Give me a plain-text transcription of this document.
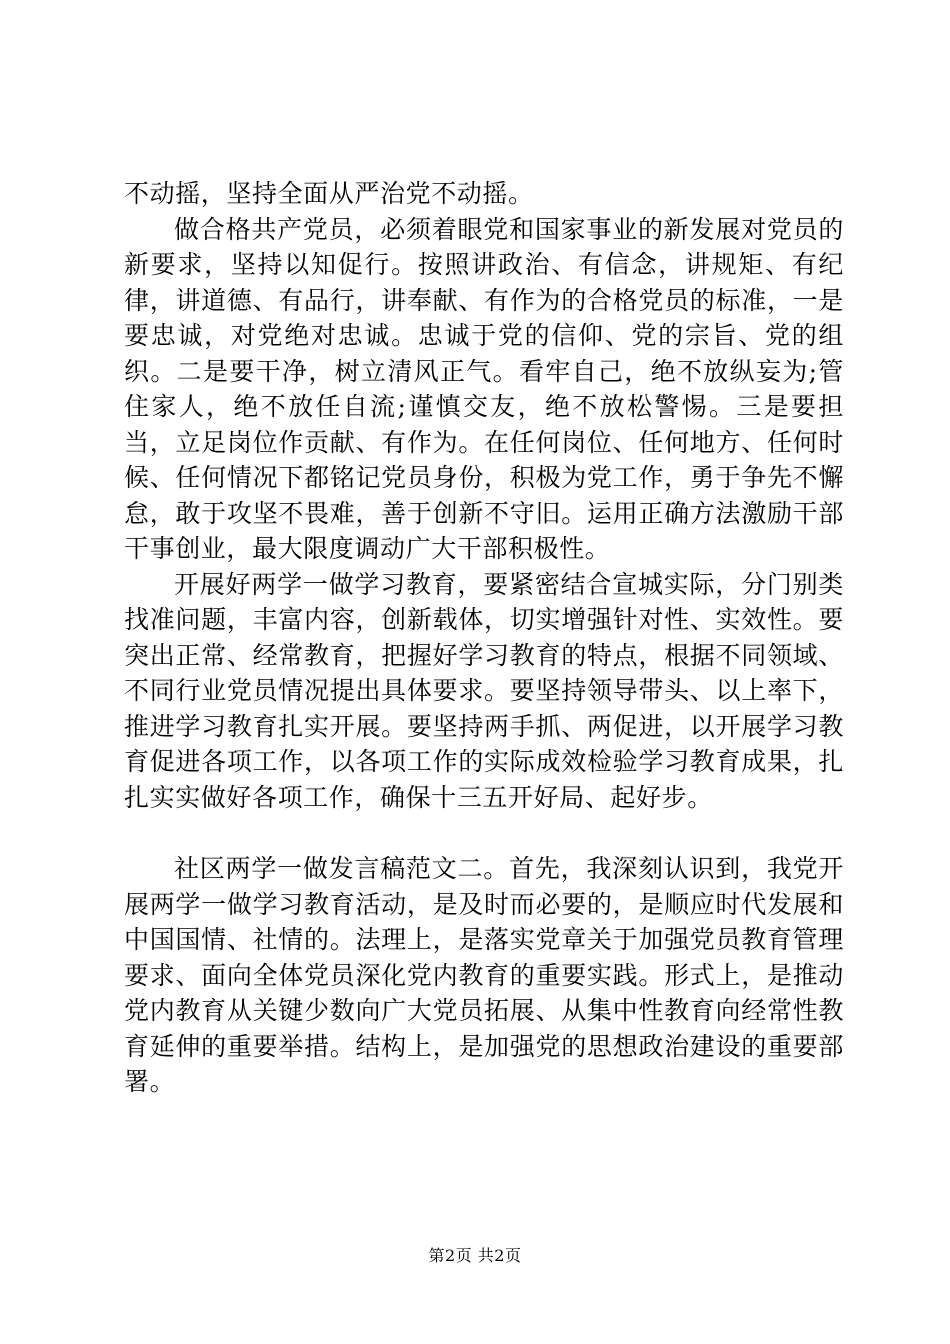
不动摇，坚持全面从严治党不动摇。

做合格共产党员，必须着眼党和国家事业的新发展对党员的新要求，坚持以知促行。按照讲政治、有信念，讲规矩、有纪律，讲道德、有品行，讲奉献、有作为的合格党员的标准，一是要忠诚，对党绝对忠诚。忠诚于党的信仰、党的宗旨、党的组织。二是要干净，树立清风正气。看牢自己，绝不放纵妄为;管住家人，绝不放任自流;谨慎交友，绝不放松警惕。三是要担当，立足岗位作贡献、有作为。在任何岗位、任何地方、任何时候、任何情况下都铭记党员身份，积极为党工作，勇于争先不懈怠，敢于攻坚不畏难，善于创新不守旧。运用正确方法激励干部干事创业，最大限度调动广大干部积极性。

开展好两学一做学习教育，要紧密结合宣城实际，分门别类找准问题，丰富内容，创新载体，切实增强针对性、实效性。要突出正常、经常教育，把握好学习教育的特点，根据不同领域、不同行业党员情况提出具体要求。要坚持领导带头、以上率下，推进学习教育扎实开展。要坚持两手抓、两促进，以开展学习教育促进各项工作，以各项工作的实际成效检验学习教育成果，扎扎实实做好各项工作，确保十三五开好局、起好步。

社区两学一做发言稿范文二。首先，我深刻认识到，我党开展两学一做学习教育活动，是及时而必要的，是顺应时代发展和中国国情、社情的。法理上，是落实党章关于加强党员教育管理要求、面向全体党员深化党内教育的重要实践。形式上，是推动党内教育从关键少数向广大党员拓展、从集中性教育向经常性教育延伸的重要举措。结构上，是加强党的思想政治建设的重要部署。

第2页 共2页
